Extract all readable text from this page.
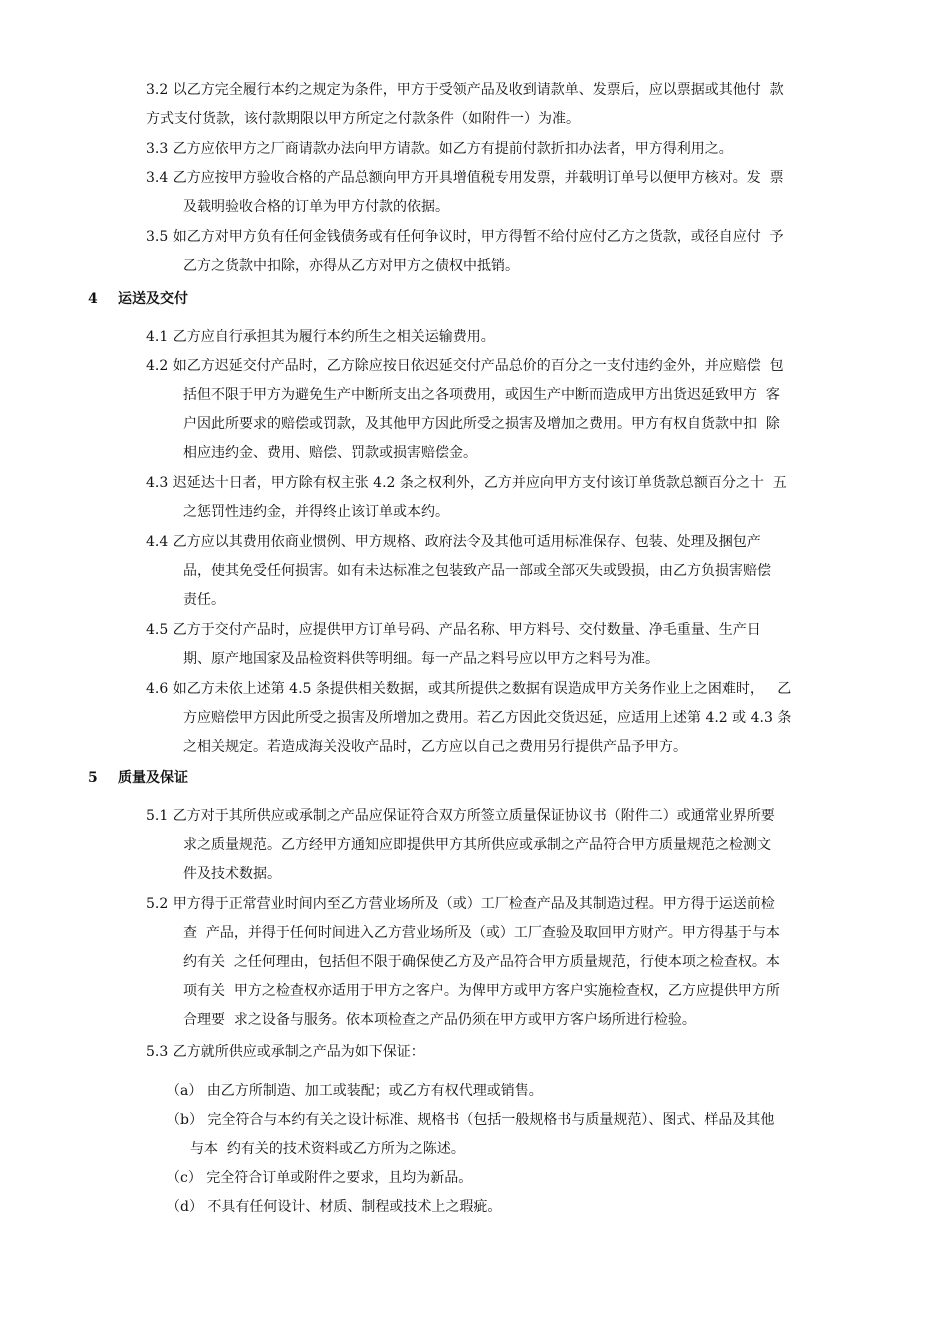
3.2 以乙方完全履行本约之规定为条件，甲方于受领产品及收到请款单、发票后，应以票据或其他付  款
方式支付货款，该付款期限以甲方所定之付款条件（如附件一）为准。
3.3 乙方应依甲方之厂商请款办法向甲方请款。如乙方有提前付款折扣办法者，甲方得利用之。
3.4 乙方应按甲方验收合格的产品总额向甲方开具增值税专用发票，并载明订单号以便甲方核对。发  票
及载明验收合格的订单为甲方付款的依据。
3.5 如乙方对甲方负有任何金钱债务或有任何争议时，甲方得暂不给付应付乙方之货款，或径自应付  予
乙方之货款中扣除，亦得从乙方对甲方之债权中抵销。
4 运送及交付
4.1 乙方应自行承担其为履行本约所生之相关运输费用。
4.2 如乙方迟延交付产品时，乙方除应按日依迟延交付产品总价的百分之一支付违约金外，并应赔偿  包
括但不限于甲方为避免生产中断所支出之各项费用，或因生产中断而造成甲方出货迟延致甲方  客
户因此所要求的赔偿或罚款，及其他甲方因此所受之损害及增加之费用。甲方有权自货款中扣  除
相应违约金、费用、赔偿、罚款或损害赔偿金。
4.3 迟延达十日者，甲方除有权主张 4.2 条之权利外，乙方并应向甲方支付该订单货款总额百分之十  五
之惩罚性违约金，并得终止该订单或本约。
4.4 乙方应以其费用依商业惯例、甲方规格、政府法令及其他可适用标准保存、包装、处理及捆包产
品，使其免受任何损害。如有未达标准之包装致产品一部或全部灭失或毁损，由乙方负损害赔偿
责任。
4.5 乙方于交付产品时，应提供甲方订单号码、产品名称、甲方料号、交付数量、净毛重量、生产日
期、原产地国家及品检资料供等明细。每一产品之料号应以甲方之料号为准。
4.6 如乙方未依上述第 4.5 条提供相关数据，或其所提供之数据有误造成甲方关务作业上之困难时，   乙
方应赔偿甲方因此所受之损害及所增加之费用。若乙方因此交货迟延，应适用上述第 4.2 或 4.3 条
之相关规定。若造成海关没收产品时，乙方应以自己之费用另行提供产品予甲方。
5 质量及保证
5.1 乙方对于其所供应或承制之产品应保证符合双方所签立质量保证协议书（附件二）或通常业界所要
求之质量规范。乙方经甲方通知应即提供甲方其所供应或承制之产品符合甲方质量规范之检测文
件及技术数据。
5.2 甲方得于正常营业时间内至乙方营业场所及（或）工厂检查产品及其制造过程。甲方得于运送前检
查  产品，并得于任何时间进入乙方营业场所及（或）工厂查验及取回甲方财产。甲方得基于与本
约有关  之任何理由，包括但不限于确保使乙方及产品符合甲方质量规范，行使本项之检查权。本
项有关  甲方之检查权亦适用于甲方之客户。为俾甲方或甲方客户实施检查权，乙方应提供甲方所
合理要  求之设备与服务。依本项检查之产品仍须在甲方或甲方客户场所进行检验。
5.3 乙方就所供应或承制之产品为如下保证：
（a） 由乙方所制造、加工或装配；或乙方有权代理或销售。
（b） 完全符合与本约有关之设计标准、规格书（包括一般规格书与质量规范）、图式、样品及其他
与本  约有关的技术资料或乙方所为之陈述。
（c） 完全符合订单或附件之要求，且均为新品。
（d） 不具有任何设计、材质、制程或技术上之瑕疵。
